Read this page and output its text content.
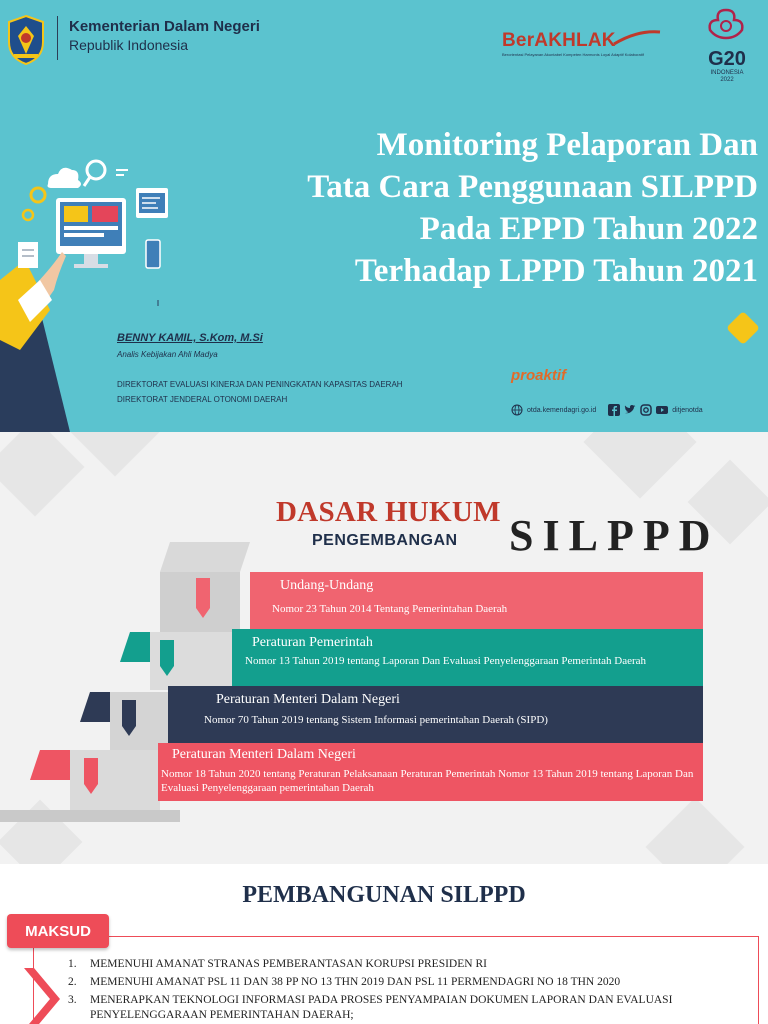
Kementerian Dalam Negeri
Republik Indonesia	BerAKHLAK
Berorientasi Pelayanan Akuntabel Kompeten Harmonis Loyal Adaptif Kolaboratif	G20
INDONESIA
2022
Monitoring Pelaporan Dan
Tata Cara Penggunaan SILPPD
Pada EPPD Tahun 2022
Terhadap LPPD Tahun 2021
BENNY KAMIL, S.Kom, M.Si
Analis Kebijakan Ahli Madya
DIREKTORAT EVALUASI KINERJA DAN PENINGKATAN KAPASITAS DAERAH
DIREKTORAT JENDERAL OTONOMI DAERAH
proaktif
otda.kemendagri.go.id	ditjenotda
DASAR HUKUM
PENGEMBANGAN SILPPD
Undang-Undang
Nomor 23 Tahun 2014 Tentang Pemerintahan Daerah
Peraturan Pemerintah
Nomor 13 Tahun 2019 tentang Laporan Dan Evaluasi Penyelenggaraan Pemerintah Daerah
Peraturan Menteri Dalam Negeri
Nomor 70 Tahun 2019 tentang Sistem Informasi pemerintahan Daerah (SIPD)
Peraturan Menteri Dalam Negeri
Nomor 18 Tahun 2020 tentang Peraturan Pelaksanaan Peraturan Pemerintah Nomor 13 Tahun 2019 tentang Laporan Dan Evaluasi Penyelenggaraan pemerintahan Daerah
PEMBANGUNAN SILPPD
MAKSUD
1.	MEMENUHI AMANAT STRANAS PEMBERANTASAN KORUPSI PRESIDEN RI
2.	MEMENUHI AMANAT PSL 11 DAN 38 PP NO 13 THN 2019 DAN PSL 11 PERMENDAGRI NO 18 THN 2020
3.	MENERAPKAN TEKNOLOGI INFORMASI PADA PROSES PENYAMPAIAN DOKUMEN LAPORAN DAN EVALUASI PENYELENGGARAAN PEMERINTAHAN DAERAH;
